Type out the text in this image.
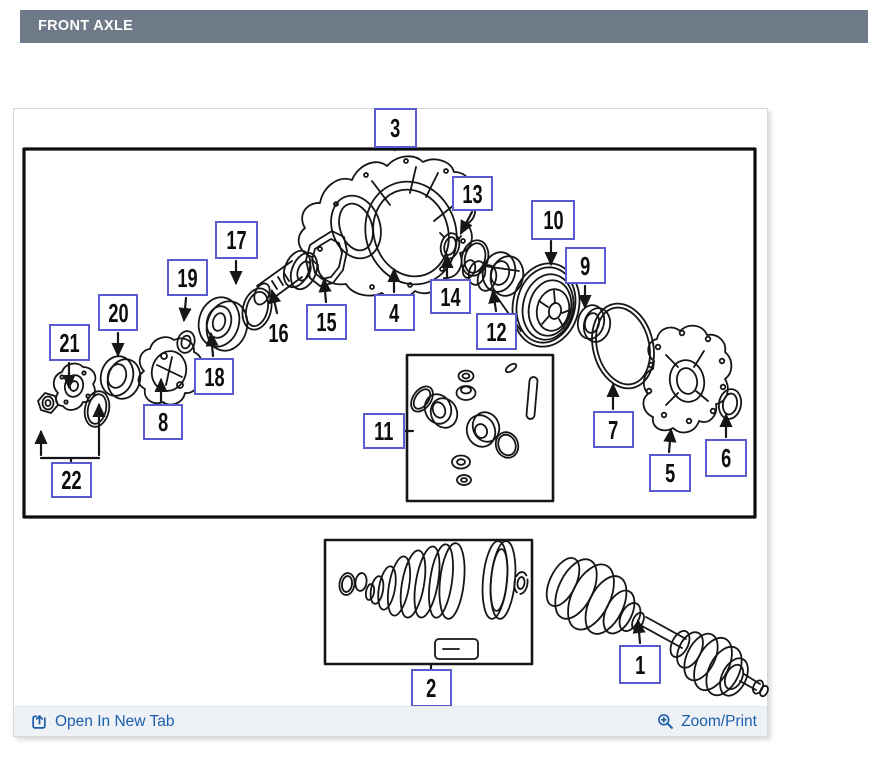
FRONT AXLE
1
2
3
4
5 6
7
8
9
10
11
12
13
14
15
16
17
18
19
20
21
22
Open In New Tab	Zoom/Print
